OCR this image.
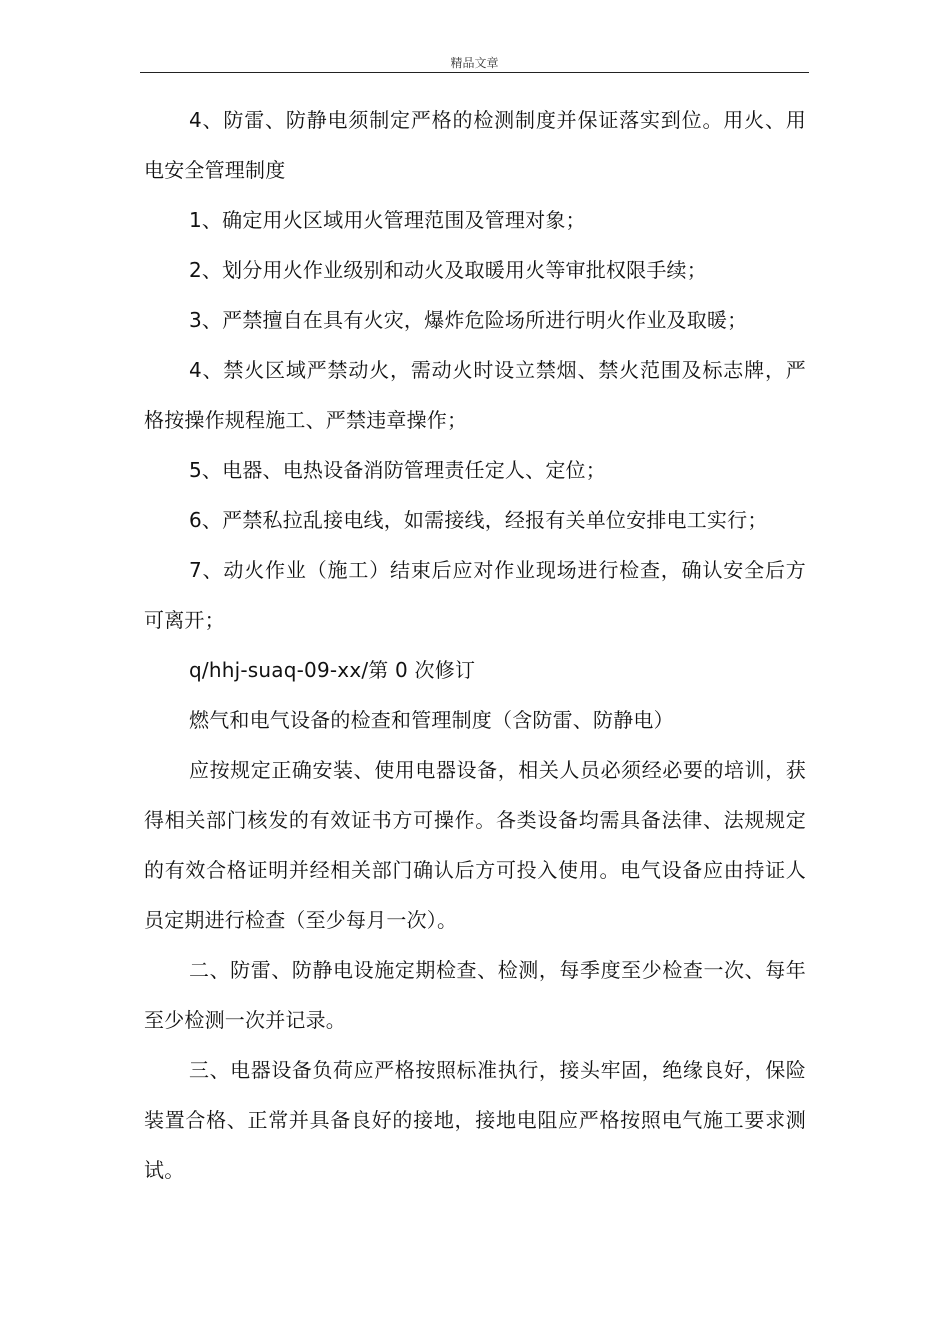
精品文章

4、防雷、防静电须制定严格的检测制度并保证落实到位。用火、用电安全管理制度

1、确定用火区域用火管理范围及管理对象；

2、划分用火作业级别和动火及取暖用火等审批权限手续；

3、严禁擅自在具有火灾，爆炸危险场所进行明火作业及取暖；

4、禁火区域严禁动火，需动火时设立禁烟、禁火范围及标志牌，严格按操作规程施工、严禁违章操作；

5、电器、电热设备消防管理责任定人、定位；

6、严禁私拉乱接电线，如需接线，经报有关单位安排电工实行；

7、动火作业（施工）结束后应对作业现场进行检查，确认安全后方可离开；

q/hhj-suaq-09-xx/第 0 次修订

燃气和电气设备的检查和管理制度（含防雷、防静电）

应按规定正确安装、使用电器设备，相关人员必须经必要的培训，获得相关部门核发的有效证书方可操作。各类设备均需具备法律、法规规定的有效合格证明并经相关部门确认后方可投入使用。电气设备应由持证人员定期进行检查（至少每月一次）。

二、防雷、防静电设施定期检查、检测，每季度至少检查一次、每年至少检测一次并记录。

三、电器设备负荷应严格按照标准执行，接头牢固，绝缘良好，保险装置合格、正常并具备良好的接地，接地电阻应严格按照电气施工要求测试。
